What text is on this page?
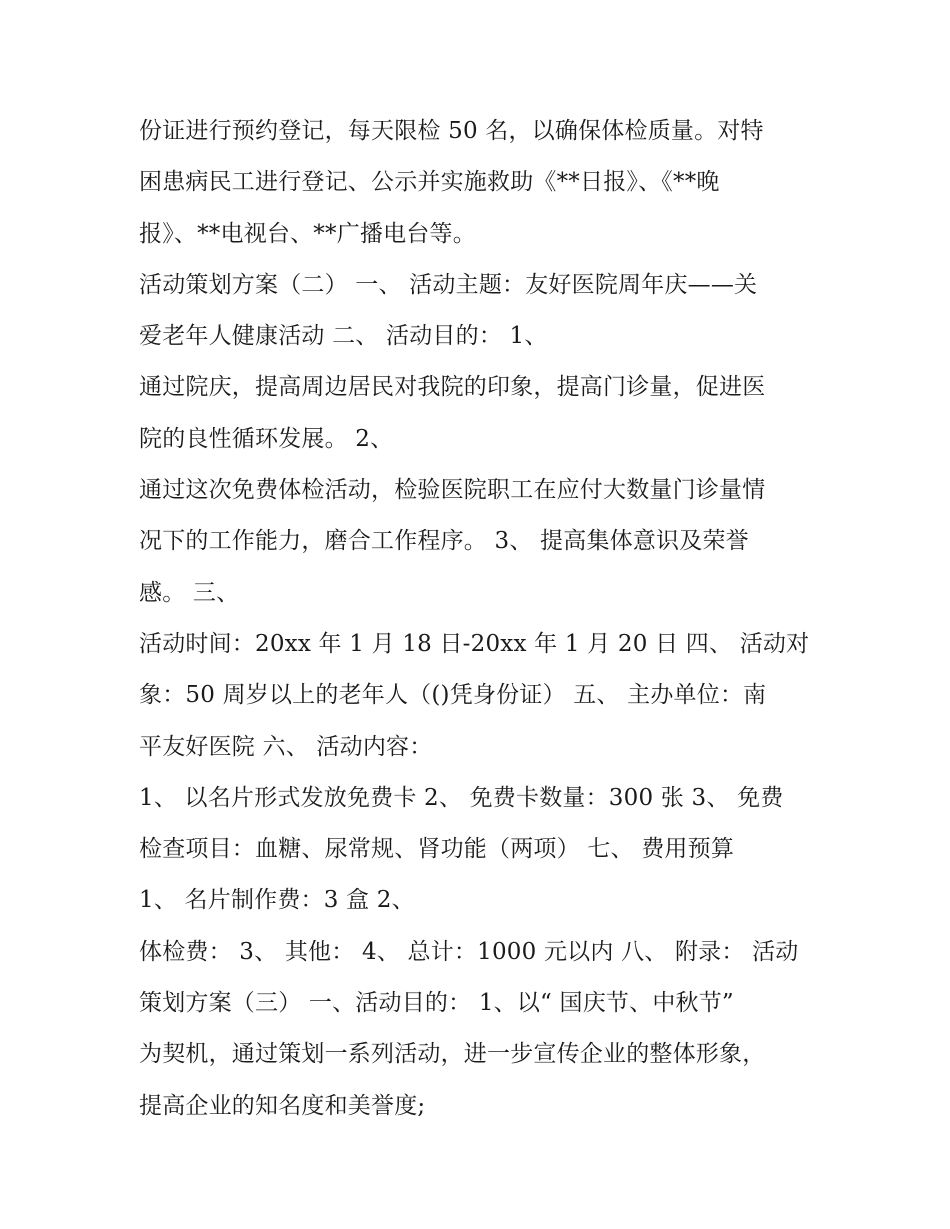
份证进行预约登记，每天限检 50 名，以确保体检质量。对特
困患病民工进行登记、公示并实施救助《**日报》、《**晚
报》、**电视台、**广播电台等。
活动策划方案（二） 一、 活动主题：友好医院周年庆——关
爱老年人健康活动 二、 活动目的： 1、
通过院庆，提高周边居民对我院的印象，提高门诊量，促进医
院的良性循环发展。 2、
通过这次免费体检活动，检验医院职工在应付大数量门诊量情
况下的工作能力，磨合工作程序。 3、 提高集体意识及荣誉
感。 三、
活动时间：20xx 年 1 月 18 日-20xx 年 1 月 20 日 四、 活动对
象：50 周岁以上的老年人（()凭身份证） 五、 主办单位：南
平友好医院 六、 活动内容：
1、 以名片形式发放免费卡 2、 免费卡数量：300 张 3、 免费
检查项目：血糖、尿常规、肾功能（两项） 七、 费用预算
1、 名片制作费：3 盒 2、
体检费： 3、 其他： 4、 总计：1000 元以内 八、 附录： 活动
策划方案（三） 一、活动目的： 1、以“ 国庆节、中秋节”
为契机，通过策划一系列活动，进一步宣传企业的整体形象，
提高企业的知名度和美誉度;
